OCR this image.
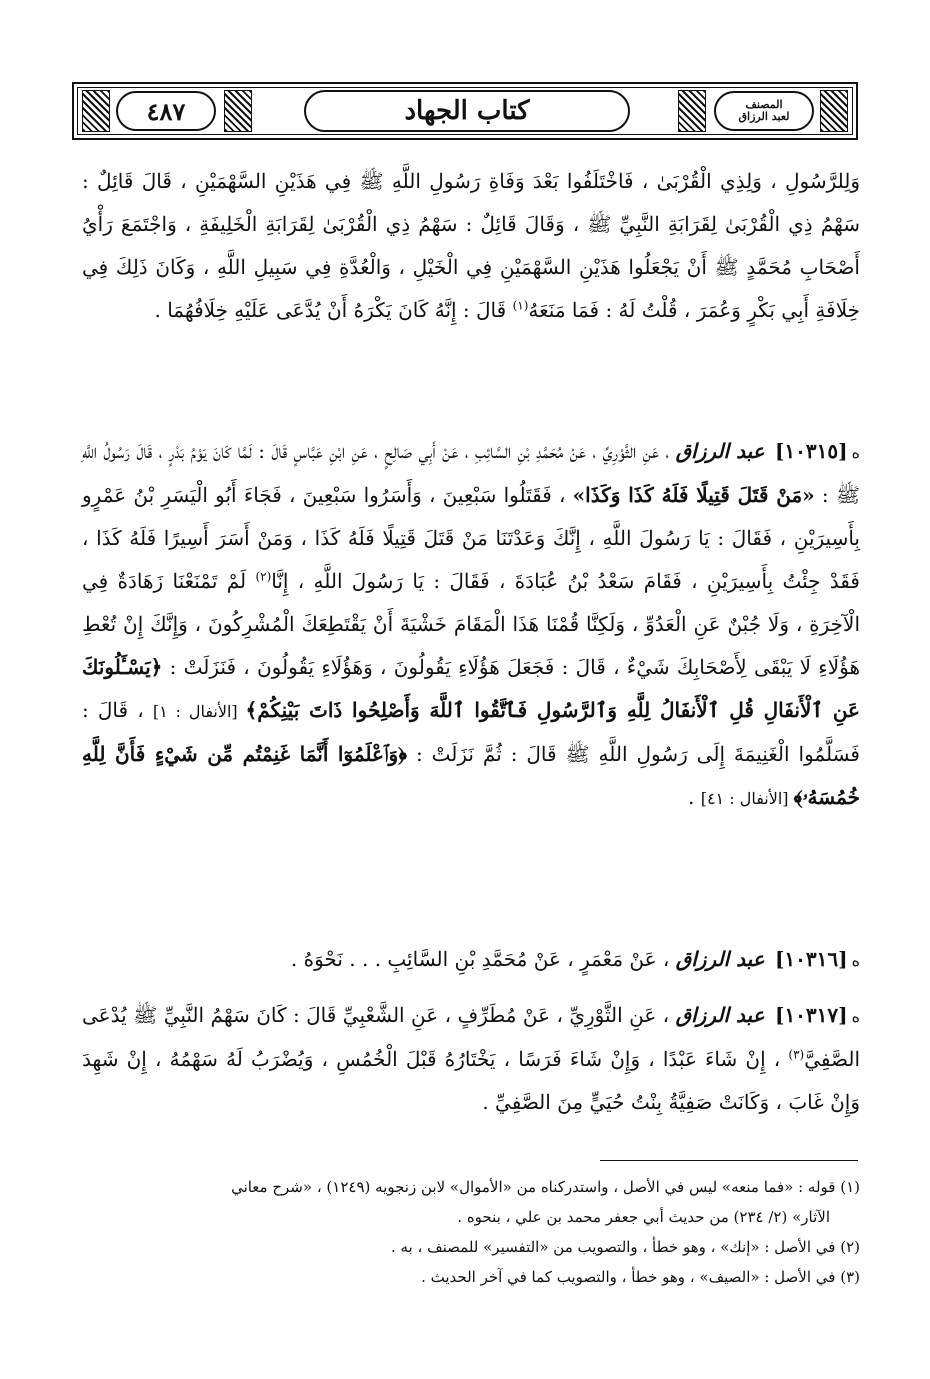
٤٨٧	كتاب الجهاد	المصنف
لعبد الرزاق
وَلِلرَّسُولِ ، وَلِذِي الْقُرْبَىٰ ، فَاخْتَلَفُوا بَعْدَ وَفَاةِ رَسُولِ اللَّهِ ﷺ فِي هَذَيْنِ السَّهْمَيْنِ ، قَالَ قَائِلٌ : سَهْمُ ذِي الْقُرْبَىٰ لِقَرَابَةِ النَّبِيِّ ﷺ ، وَقَالَ قَائِلٌ : سَهْمُ ذِي الْقُرْبَىٰ لِقَرَابَةِ الْخَلِيفَةِ ، وَاجْتَمَعَ رَأْيُ أَصْحَابِ مُحَمَّدٍ ﷺ أَنْ يَجْعَلُوا هَذَيْنِ السَّهْمَيْنِ فِي الْخَيْلِ ، وَالْعُدَّةِ فِي سَبِيلِ اللَّهِ ، وَكَانَ ذَلِكَ فِي خِلَافَةِ أَبِي بَكْرٍ وَعُمَرَ ، قُلْتُ لَهُ : فَمَا مَنَعَهُ$^{(١)}$ قَالَ : إِنَّهُ كَانَ يَكْرَهُ أَنْ يُدَّعَى عَلَيْهِ خِلَافُهُمَا .
ه[١٠٣١٥] عبد الرزاق ، عَنِ الثَّوْرِيِّ ، عَنْ مُحَمَّدِ بْنِ السَّائِبِ ، عَنْ أَبِي صَالِحٍ ، عَنِ ابْنِ عَبَّاسٍ قَالَ : لَمَّا كَانَ يَوْمُ بَدْرٍ ، قَالَ رَسُولُ اللَّهِ ﷺ : «مَنْ قَتَلَ قَتِيلًا فَلَهُ كَذَا وَكَذَا» ، فَقَتَلُوا سَبْعِينَ ، وَأَسَرُوا سَبْعِينَ ، فَجَاءَ أَبُو الْيَسَرِ بْنُ عَمْرٍو بِأَسِيرَيْنِ ، فَقَالَ : يَا رَسُولَ اللَّهِ ، إِنَّكَ وَعَدْتَنَا مَنْ قَتَلَ قَتِيلًا فَلَهُ كَذَا ، وَمَنْ أَسَرَ أَسِيرًا فَلَهُ كَذَا ، فَقَدْ جِئْتُ بِأَسِيرَيْنِ ، فَقَامَ سَعْدُ بْنُ عُبَادَةَ ، فَقَالَ : يَا رَسُولَ اللَّهِ ، إِنَّا$^{(٢)}$ لَمْ تَمْنَعْنَا زَهَادَةٌ فِي الْآخِرَةِ ، وَلَا جُبْنٌ عَنِ الْعَدُوِّ ، وَلَكِنَّا قُمْنَا هَذَا الْمَقَامَ خَشْيَةَ أَنْ يَقْتَطِعَكَ الْمُشْرِكُونَ ، وَإِنَّكَ إِنْ تُعْطِ هَؤُلَاءِ لَا يَبْقَى لِأَصْحَابِكَ شَيْءٌ ، قَالَ : فَجَعَلَ هَؤُلَاءِ يَقُولُونَ ، وَهَؤُلَاءِ يَقُولُونَ ، فَنَزَلَتْ : ﴿يَسْـَٔلُونَكَ عَنِ ٱلْأَنفَالِ قُلِ ٱلْأَنفَالُ لِلَّهِ وَٱلرَّسُولِ فَٱتَّقُوا ٱللَّهَ وَأَصْلِحُوا ذَاتَ بَيْنِكُمْ﴾ [الأنفال : ١] ، قَالَ : فَسَلَّمُوا الْغَنِيمَةَ إِلَى رَسُولِ اللَّهِ ﷺ قَالَ : ثُمَّ نَزَلَتْ : ﴿وَٱعْلَمُوٓا أَنَّمَا غَنِمْتُم مِّن شَيْءٍ فَأَنَّ لِلَّهِ خُمُسَهُۥ﴾ [الأنفال : ٤١] .
ه[١٠٣١٦] عبد الرزاق ، عَنْ مَعْمَرٍ ، عَنْ مُحَمَّدِ بْنِ السَّائِبِ . . . نَحْوَهُ .
ه[١٠٣١٧] عبد الرزاق ، عَنِ الثَّوْرِيِّ ، عَنْ مُطَرِّفٍ ، عَنِ الشَّعْبِيِّ قَالَ : كَانَ سَهْمُ النَّبِيِّ ﷺ يُدْعَى الصَّفِيَّ$^{(٣)}$ ، إِنْ شَاءَ عَبْدًا ، وَإِنْ شَاءَ فَرَسًا ، يَخْتَارُهُ قَبْلَ الْخُمُسِ ، وَيُضْرَبُ لَهُ سَهْمُهُ ، إِنْ شَهِدَ وَإِنْ غَابَ ، وَكَانَتْ صَفِيَّةُ بِنْتُ حُيَيٍّ مِنَ الصَّفِيِّ .
(١) قوله : «فما منعه» ليس في الأصل ، واستدركناه من «الأموال» لابن زنجويه (١٢٤٩) ، «شرح معاني
الآثار» (٢/ ٢٣٤) من حديث أبي جعفر محمد بن علي ، بنحوه .
(٢) في الأصل : «إنك» ، وهو خطأ ، والتصويب من «التفسير» للمصنف ، به .
(٣) في الأصل : «الصيف» ، وهو خطأ ، والتصويب كما في آخر الحديث .
